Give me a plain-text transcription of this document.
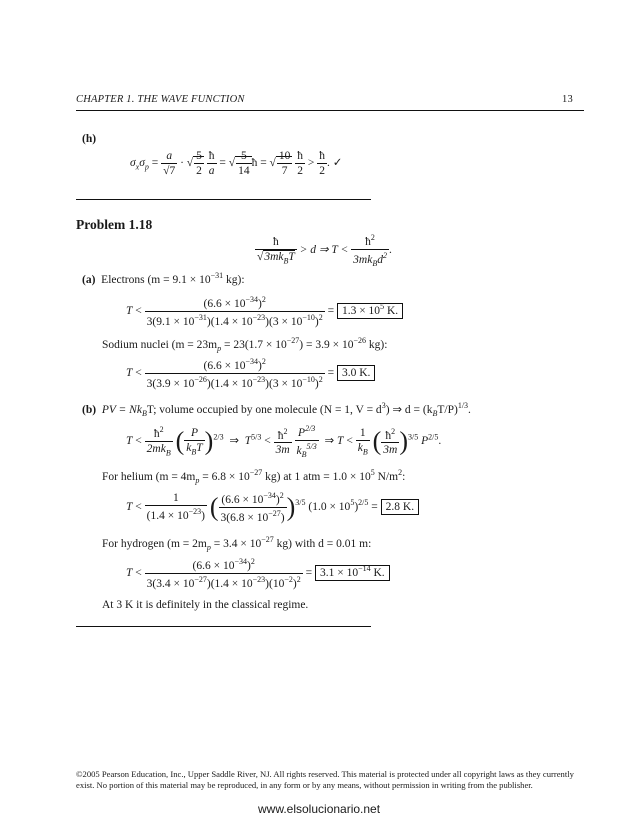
CHAPTER 1. THE WAVE FUNCTION	13
(h)
$\sigma_x\sigma_p = \frac{a}{√7}$ · √ $\frac{5}{2}$
$\frac{ħ}{a}$ = √ $\frac{5}{14}$ ħ = √ $\frac{10}{7}$
$\frac{ħ}{2} > \frac{ħ}{2}$ . ✓
Problem 1.18
$\frac{ħ}{√3mk_BT} > d$ ⇒ $T < \frac{ħ^2}{3mk_Bd^2}$ .
(a) Electrons ($m = 9.1 \times 10^{-31}$ kg):
$T < \frac{(6.6 \times 10^{-34})^2}{3(9.1 \times 10^{-31})(1.4 \times 10^{-23})(3 \times 10^{-10})^2} = 1.3 \times 10^5$ K.
Sodium nuclei ($m = 23m_p = 23(1.7 \times 10^{-27}) = 3.9 \times 10^{-26}$ kg):
$T < \frac{(6.6 \times 10^{-34})^2}{3(3.9 \times 10^{-26})(1.4 \times 10^{-23})(3 \times 10^{-10})^2} = 3.0$ K.
(b) PV = $Nk_BT$; volume occupied by one molecule (N = 1, $V = d^3$) ⇒ $d = (k_BT/P)^{1/3}$.
$T < \frac{ħ^2}{2mk_B}$ ( $\frac{P}{k_BT} )^{2/3}$  ⇒  $T^{5/3} < \frac{ħ^2}{3m}$
$\frac{P^{2/3}}{k_B^{5/3}}$ ⇒ $T < \frac{1}{k_B}$ ( $\frac{ħ^2}{3m} )^{3/5}$ $P^{2/5}$.
For helium ($m = 4m_p = 6.8 \times 10^{-27}$ kg) at 1 atm = $1.0 \times 10^5$ $N/m^2$:
$T < \frac{1}{(1.4 \times 10^{-23})}$ ( $\frac{(6.6 \times 10^{-34})^2}{3(6.8 \times 10^{-27})} )^{3/5}$ $(1.0 \times 10^5)^{2/5} = 2.8$ K.
For hydrogen ($m = 2m_p = 3.4 \times 10^{-27}$ kg) with d = 0.01 m:
$T < \frac{(6.6 \times 10^{-34})^2}{3(3.4 \times 10^{-27})(1.4 \times 10^{-23})(10^{-2})^2} = 3.1 \times 10^{-14}$ K.
At 3 K it is definitely in the classical regime.
©2005 Pearson Education, Inc., Upper Saddle River, NJ. All rights reserved. This material is protected under all copyright laws as they currently exist. No portion of this material may be reproduced, in any form or by any means, without permission in writing from the publisher.
www.elsolucionario.net
